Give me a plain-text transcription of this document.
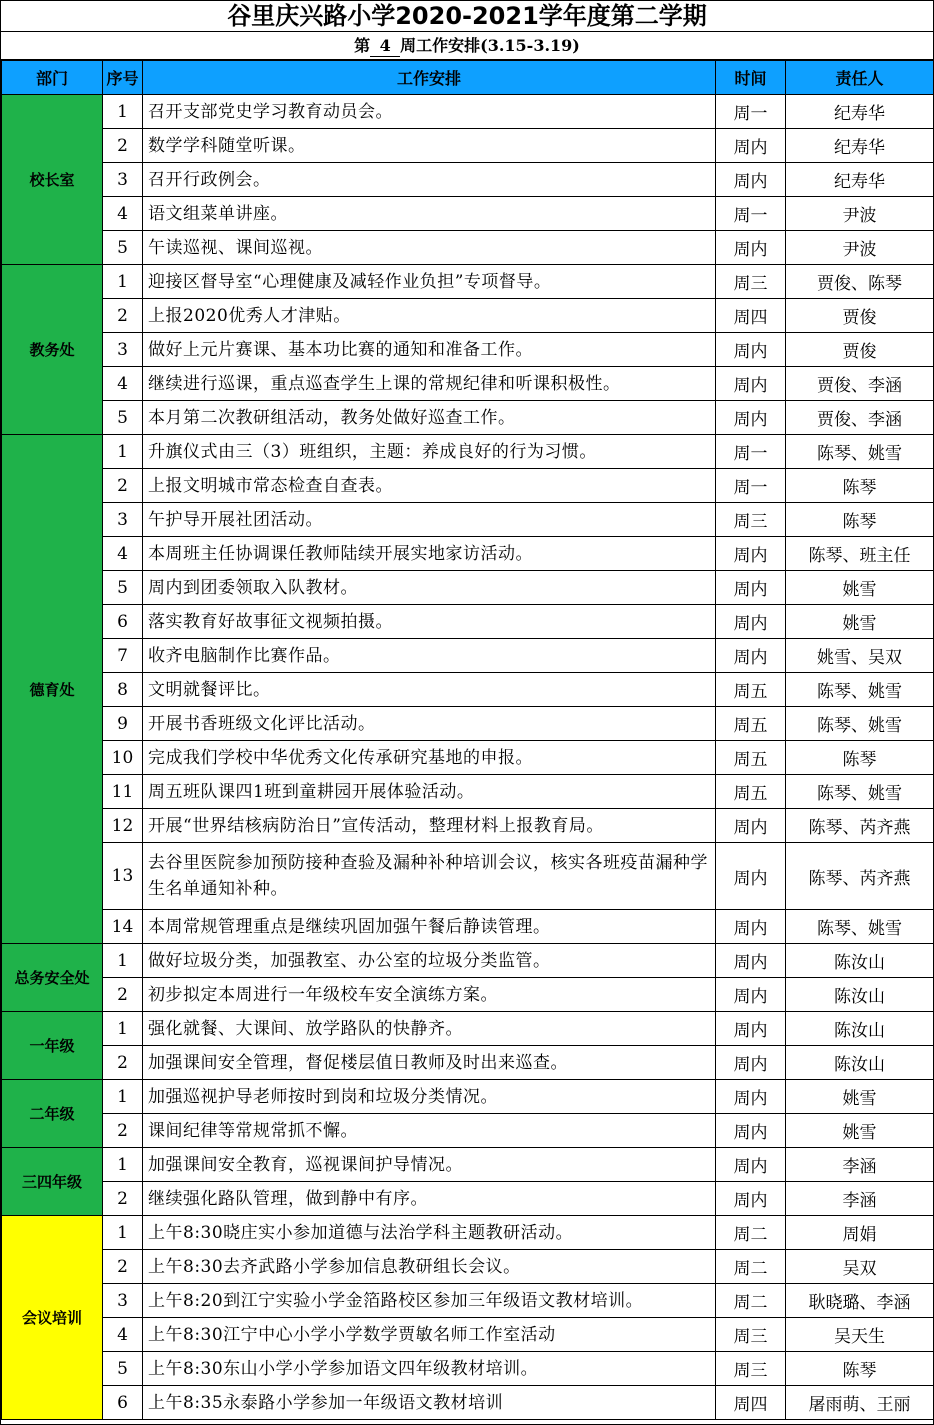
谷里庆兴路小学2020-2021学年度第二学期
第 4 周工作安排(3.15-3.19)
部门	序号	工作安排	时间	责任人
校长室	1	召开支部党史学习教育动员会。	周一	纪寿华
	2	数学学科随堂听课。	周内	纪寿华
	3	召开行政例会。	周内	纪寿华
	4	语文组菜单讲座。	周一	尹波
	5	午读巡视、课间巡视。	周内	尹波
教务处	1	迎接区督导室“心理健康及减轻作业负担”专项督导。	周三	贾俊、陈琴
	2	上报2020优秀人才津贴。	周四	贾俊
	3	做好上元片赛课、基本功比赛的通知和准备工作。	周内	贾俊
	4	继续进行巡课，重点巡查学生上课的常规纪律和听课积极性。	周内	贾俊、李涵
	5	本月第二次教研组活动，教务处做好巡查工作。	周内	贾俊、李涵
德育处	1	升旗仪式由三（3）班组织，主题：养成良好的行为习惯。	周一	陈琴、姚雪
	2	上报文明城市常态检查自查表。	周一	陈琴
	3	午护导开展社团活动。	周三	陈琴
	4	本周班主任协调课任教师陆续开展实地家访活动。	周内	陈琴、班主任
	5	周内到团委领取入队教材。	周内	姚雪
	6	落实教育好故事征文视频拍摄。	周内	姚雪
	7	收齐电脑制作比赛作品。	周内	姚雪、吴双
	8	文明就餐评比。	周五	陈琴、姚雪
	9	开展书香班级文化评比活动。	周五	陈琴、姚雪
	10	完成我们学校中华优秀文化传承研究基地的申报。	周五	陈琴
	11	周五班队课四1班到童耕园开展体验活动。	周五	陈琴、姚雪
	12	开展“世界结核病防治日”宣传活动，整理材料上报教育局。	周内	陈琴、芮齐燕
	13	去谷里医院参加预防接种查验及漏种补种培训会议，核实各班疫苗漏种学生名单通知补种。	周内	陈琴、芮齐燕
	14	本周常规管理重点是继续巩固加强午餐后静读管理。	周内	陈琴、姚雪
总务安全处	1	做好垃圾分类，加强教室、办公室的垃圾分类监管。	周内	陈汝山
	2	初步拟定本周进行一年级校车安全演练方案。	周内	陈汝山
一年级	1	强化就餐、大课间、放学路队的快静齐。	周内	陈汝山
	2	加强课间安全管理，督促楼层值日教师及时出来巡查。	周内	陈汝山
二年级	1	加强巡视护导老师按时到岗和垃圾分类情况。	周内	姚雪
	2	课间纪律等常规常抓不懈。	周内	姚雪
三四年级	1	加强课间安全教育，巡视课间护导情况。	周内	李涵
	2	继续强化路队管理，做到静中有序。	周内	李涵
会议培训	1	上午8:30晓庄实小参加道德与法治学科主题教研活动。	周二	周娟
	2	上午8:30去齐武路小学参加信息教研组长会议。	周二	吴双
	3	上午8:20到江宁实验小学金箔路校区参加三年级语文教材培训。	周二	耿晓璐、李涵
	4	上午8:30江宁中心小学小学数学贾敏名师工作室活动	周三	吴天生
	5	上午8:30东山小学小学参加语文四年级教材培训。	周三	陈琴
	6	上午8:35永泰路小学参加一年级语文教材培训	周四	屠雨萌、王丽
